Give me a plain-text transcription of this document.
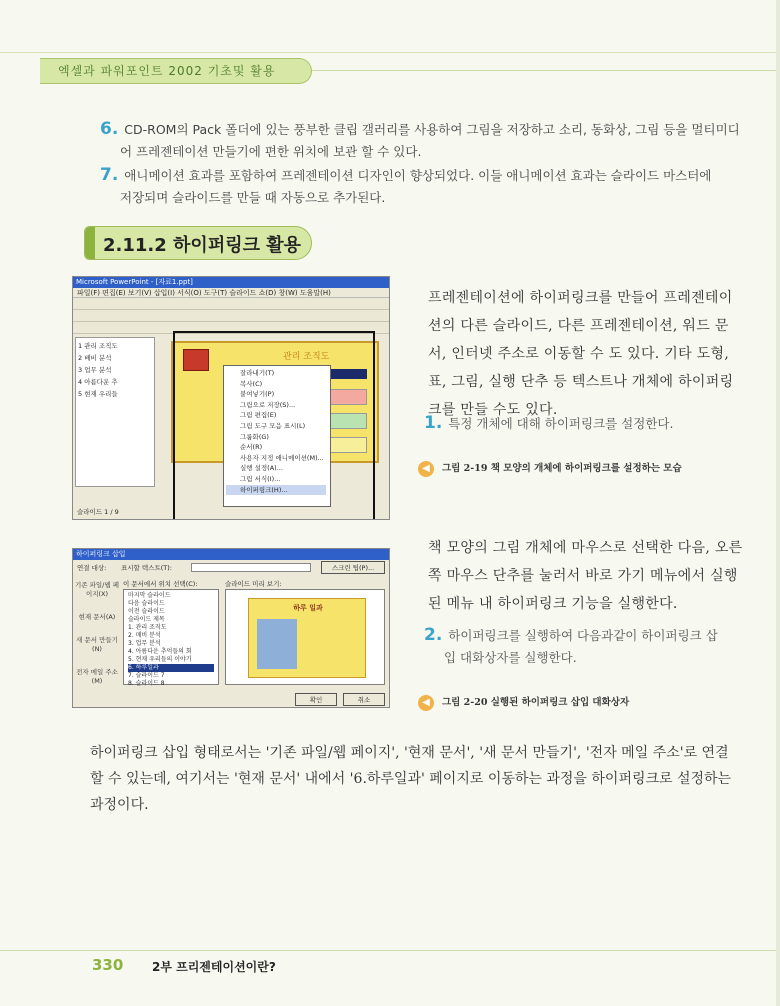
엑셀과 파워포인트 2002 기초및 활용
6. CD-ROM의 Pack 폴더에 있는 풍부한 클립 갤러리를 사용하여 그림을 저장하고 소리, 동화상, 그림 등을 멀티미디
어 프레젠테이션 만들기에 편한 위치에 보관 할 수 있다.
7. 애니메이션 효과를 포함하여 프레젠테이션 디자인이 향상되었다. 이들 애니메이션 효과는 슬라이드 마스터에
저장되며 슬라이드를 만들 때 자동으로 추가된다.
2.11.2 하이퍼링크 활용
Microsoft PowerPoint - [자료1.ppt]
파일(F) 편집(E) 보기(V) 삽입(I) 서식(O) 도구(T) 슬라이드 쇼(D) 창(W) 도움말(H)
1 관리 조직도
2 배비 분석
3 업무 분석
4 아름다운 추
5 현재 우리들
관리 조직도
잘라내기(T)
복사(C)
붙여넣기(P)
그림으로 저장(S)...
그림 편집(E)
그림 도구 모음 표시(L)
그룹화(G)
순서(R)
사용자 지정 애니메이션(M)...
실행 설정(A)...
그림 서식(I)...
하이퍼링크(H)...
슬라이드 1 / 9
하이퍼링크 삽입
연결 대상: 표시할 텍스트(T):	스크린 팁(P)...
기존 파일/웹 페이지(X)
현재 문서(A)
새 문서 만들기(N)
전자 메일 주소(M)
이 문서에서 위치 선택(C):
마지막 슬라이드
다음 슬라이드
이전 슬라이드
슬라이드 제목
1. 관리 조직도
2. 매비 분석
3. 업무 분석
4. 아름다운 추억들의 회
5. 현재 우리들의 이야기
6. 하루일과
7. 슬라이드 7
8. 슬라이드 8
슬라이드 미리 보기:
하루 일과
확인	취소
프레젠테이션에 하이퍼링크를 만들어 프레젠테이션의 다른 슬라이드, 다른 프레젠테이션, 워드 문서, 인터넷 주소로 이동할 수 도 있다. 기타 도형, 표, 그림, 실행 단추 등 텍스트나 개체에 하이퍼링크를 만들 수도 있다.
1. 특정 개체에 대해 하이퍼링크를 설정한다.
◀ 그림 2-19 책 모양의 개체에 하이퍼링크를 설정하는 모습
책 모양의 그림 개체에 마우스로 선택한 다음, 오른쪽 마우스 단추를 눌러서 바로 가기 메뉴에서 실행된 메뉴 내 하이퍼링크 기능을 실행한다.
2. 하이퍼링크를 실행하여 다음과같이 하이퍼링크 삽
입 대화상자를 실행한다.
◀ 그림 2-20 실행된 하이퍼링크 삽입 대화상자
하이퍼링크 삽입 형태로서는 '기존 파일/웹 페이지', '현재 문서', '새 문서 만들기', '전자 메일 주소'로 연결할 수 있는데, 여기서는 '현재 문서' 내에서 '6.하루일과' 페이지로 이동하는 과정을 하이퍼링크로 설정하는 과정이다.
330 2부 프리젠테이션이란?
